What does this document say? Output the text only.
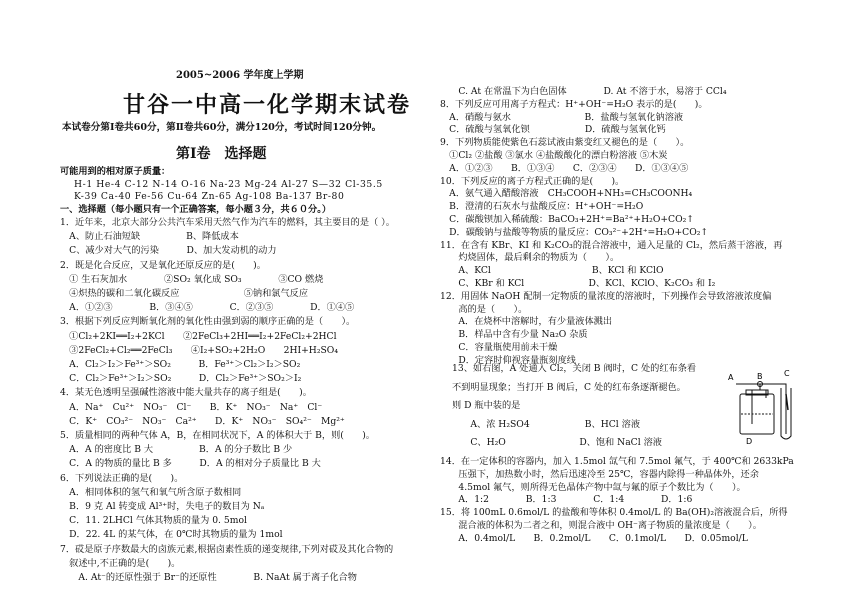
2005~2006 学年度上学期
甘谷一中高一化学期末试卷
本试卷分第Ⅰ卷共60分，第Ⅱ卷共60分，满分120分，考试时间120分钟。
第Ⅰ卷　选择题
可能用到的相对原子质量：
H-1 He-4 C-12 N-14 O-16 Na-23 Mg-24 Al-27 S—32 Cl-35.5
K-39 Ca-40 Fe-56 Cu-64 Zn-65 Ag-108 Ba-137 Br-80
一、选择题（每小题只有一个正确答案，每小题３分，共６０分。）
1．近年来，北京大部分公共汽车采用天然气作为汽车的燃料，其主要目的是（ ）。
　A、防止石油短缺　　　　　B、降低成本
　C、减少对大气的污染　　　D、加大发动机的动力
2．既是化合反应，又是氧化还原反应的是(　　)。
　① 生石灰加水　　　　②SO₂ 氧化成 SO₃　　　　③CO 燃烧
　④炽热的碳和二氧化碳反应　　　　　　　⑤钠和氯气反应
　A．①②③　　　　B．③④⑤　　　　C．②③⑤　　　　D．①④⑤
3．根据下列反应判断氧化剂的氧化性由强到弱的顺序正确的是（　　）。
　①Cl₂+2KI══I₂+2KCl　　②2FeCl₃+2HI══I₂+2FeCl₂+2HCl
　③2FeCl₂+Cl₂══2FeCl₃　　④I₂+SO₂+2H₂O　　2HI+H₂SO₄
　A．Cl₂＞I₂＞Fe³⁺＞SO₂　　　B．Fe³⁺＞Cl₂＞I₂＞SO₂
　C．Cl₂＞Fe³⁺＞I₂＞SO₂　　　D．Cl₂＞Fe³⁺＞SO₂＞I₂
4．某无色透明呈强碱性溶液中能大量共存的离子组是(　　)。
　A．Na⁺　Cu²⁺　NO₃⁻　Cl⁻　　B．K⁺　NO₃⁻　Na⁺　Cl⁻
　C．K⁺　CO₃²⁻　NO₃⁻　Ca²⁺　　D．K⁺　NO₃⁻　SO₄²⁻　Mg²⁺
5．质量相同的两种气体 A，B，在相同状况下，A 的体积大于 B，则(　　)。
　A．A 的密度比 B 大　　　　　B．A 的分子数比 B 少
　C．A 的物质的量比 B 多　　　D．A 的相对分子质量比 B 大
6．下列说法正确的是(　　)。
　A．相同体积的氢气和氧气所含原子数相同
　B．9 克 Al 转变成 Al³⁺时，失电子的数目为 Nₐ
　C．11. 2LHCl 气体其物质的量为 0. 5mol
　D．22. 4L 的某气体，在 0℃时其物质的量为 1mol
7．砹是原子序数最大的卤族元素,根据卤素性质的递变规律,下列对砹及其化合物的
　叙述中,不正确的是(　　)。
　　A. At⁻的还原性强于 Br⁻的还原性　　　　B. NaAt 属于离子化合物
　　C. At 在常温下为白色固体　　　　D. At 不溶于水，易溶于 CCl₄
8．下列反应可用离子方程式：H⁺+OH⁻=H₂O 表示的是(　　)。
　A．硝酸与氨水　　　　　　　　B．盐酸与氢氧化钠溶液
　C．硫酸与氢氧化钡　　　　　　D．硫酸与氢氧化钙
9．下列物质能使紫色石蕊试液由紫变红又褪色的是（　　）。
　①Cl₂ ②盐酸 ③氯水 ④盐酸酸化的漂白粉溶液 ⑤木炭
　A．①②③　　B．①③④　　C．②③④　　D．①③④⑤
10．下列反应的离子方程式正确的是(　　)。
　A．氨气通入醋酸溶液　CH₃COOH+NH₃=CH₃COONH₄
　B．澄清的石灰水与盐酸反应：H⁺+OH⁻=H₂O
　C．碳酸钡加入稀硫酸：BaCO₃+2H⁺=Ba²⁺+H₂O+CO₂↑
　D．碳酸钠与盐酸等物质的量反应：CO₃²⁻+2H⁺=H₂O+CO₂↑
11．在含有 KBr、KI 和 K₂CO₃的混合溶液中，通入足量的 Cl₂，然后蒸干溶液，再
　　灼烧固体，最后剩余的物质为（　　）。
　　A、KCl　　　　　　　　　　　B、KCl 和 KClO
　　C、KBr 和 KCl　　　　　　　D、KCl、KClO、K₂CO₃ 和 I₂
12．用固体 NaOH 配制一定物质的量浓度的溶液时，下列操作会导致溶液浓度偏
　　高的是（　　）。
　　A．在烧杯中溶解时，有少量液体溅出
　　B．样品中含有少量 Na₂O 杂质
　　C．容量瓶使用前未干燥
　　D．定容时仰视容量瓶刻度线
13、如右图，A 处通入 Cl₂，关闭 B 阀时，C 处的红布条看
不到明显现象；当打开 B 阀后，C 处的红布条逐渐褪色。
则 D 瓶中装的是
　　A、浓 H₂SO4　　　　　　B、HCl 溶液
　　C、H₂O　　　　　　　　D、饱和 NaCl 溶液
14．在一定体积的容器内，加入 1.5mol 氙气和 7.5mol 氟气，于 400℃和 2633kPa
　　压强下，加热数小时，然后迅速冷至 25℃，容器内除得一种晶体外，还余
　　4.5mol 氟气，则所得无色晶体产物中氙与氟的原子个数比为（　　）。
　　A．1:2　　　　B．1:3　　　　C．1:4　　　　D．1:6
15．将 100mL 0.6mol/L 的盐酸和等体积 0.4mol/L 的 Ba(OH)₂溶液混合后，所得
　　混合液的体积为二者之和，则混合液中 OH⁻离子物质的量浓度是（　　）。
　　A．0.4mol/L　　B．0.2mol/L　　C．0.1mol/L　　D．0.05mol/L
A	B	C
D
